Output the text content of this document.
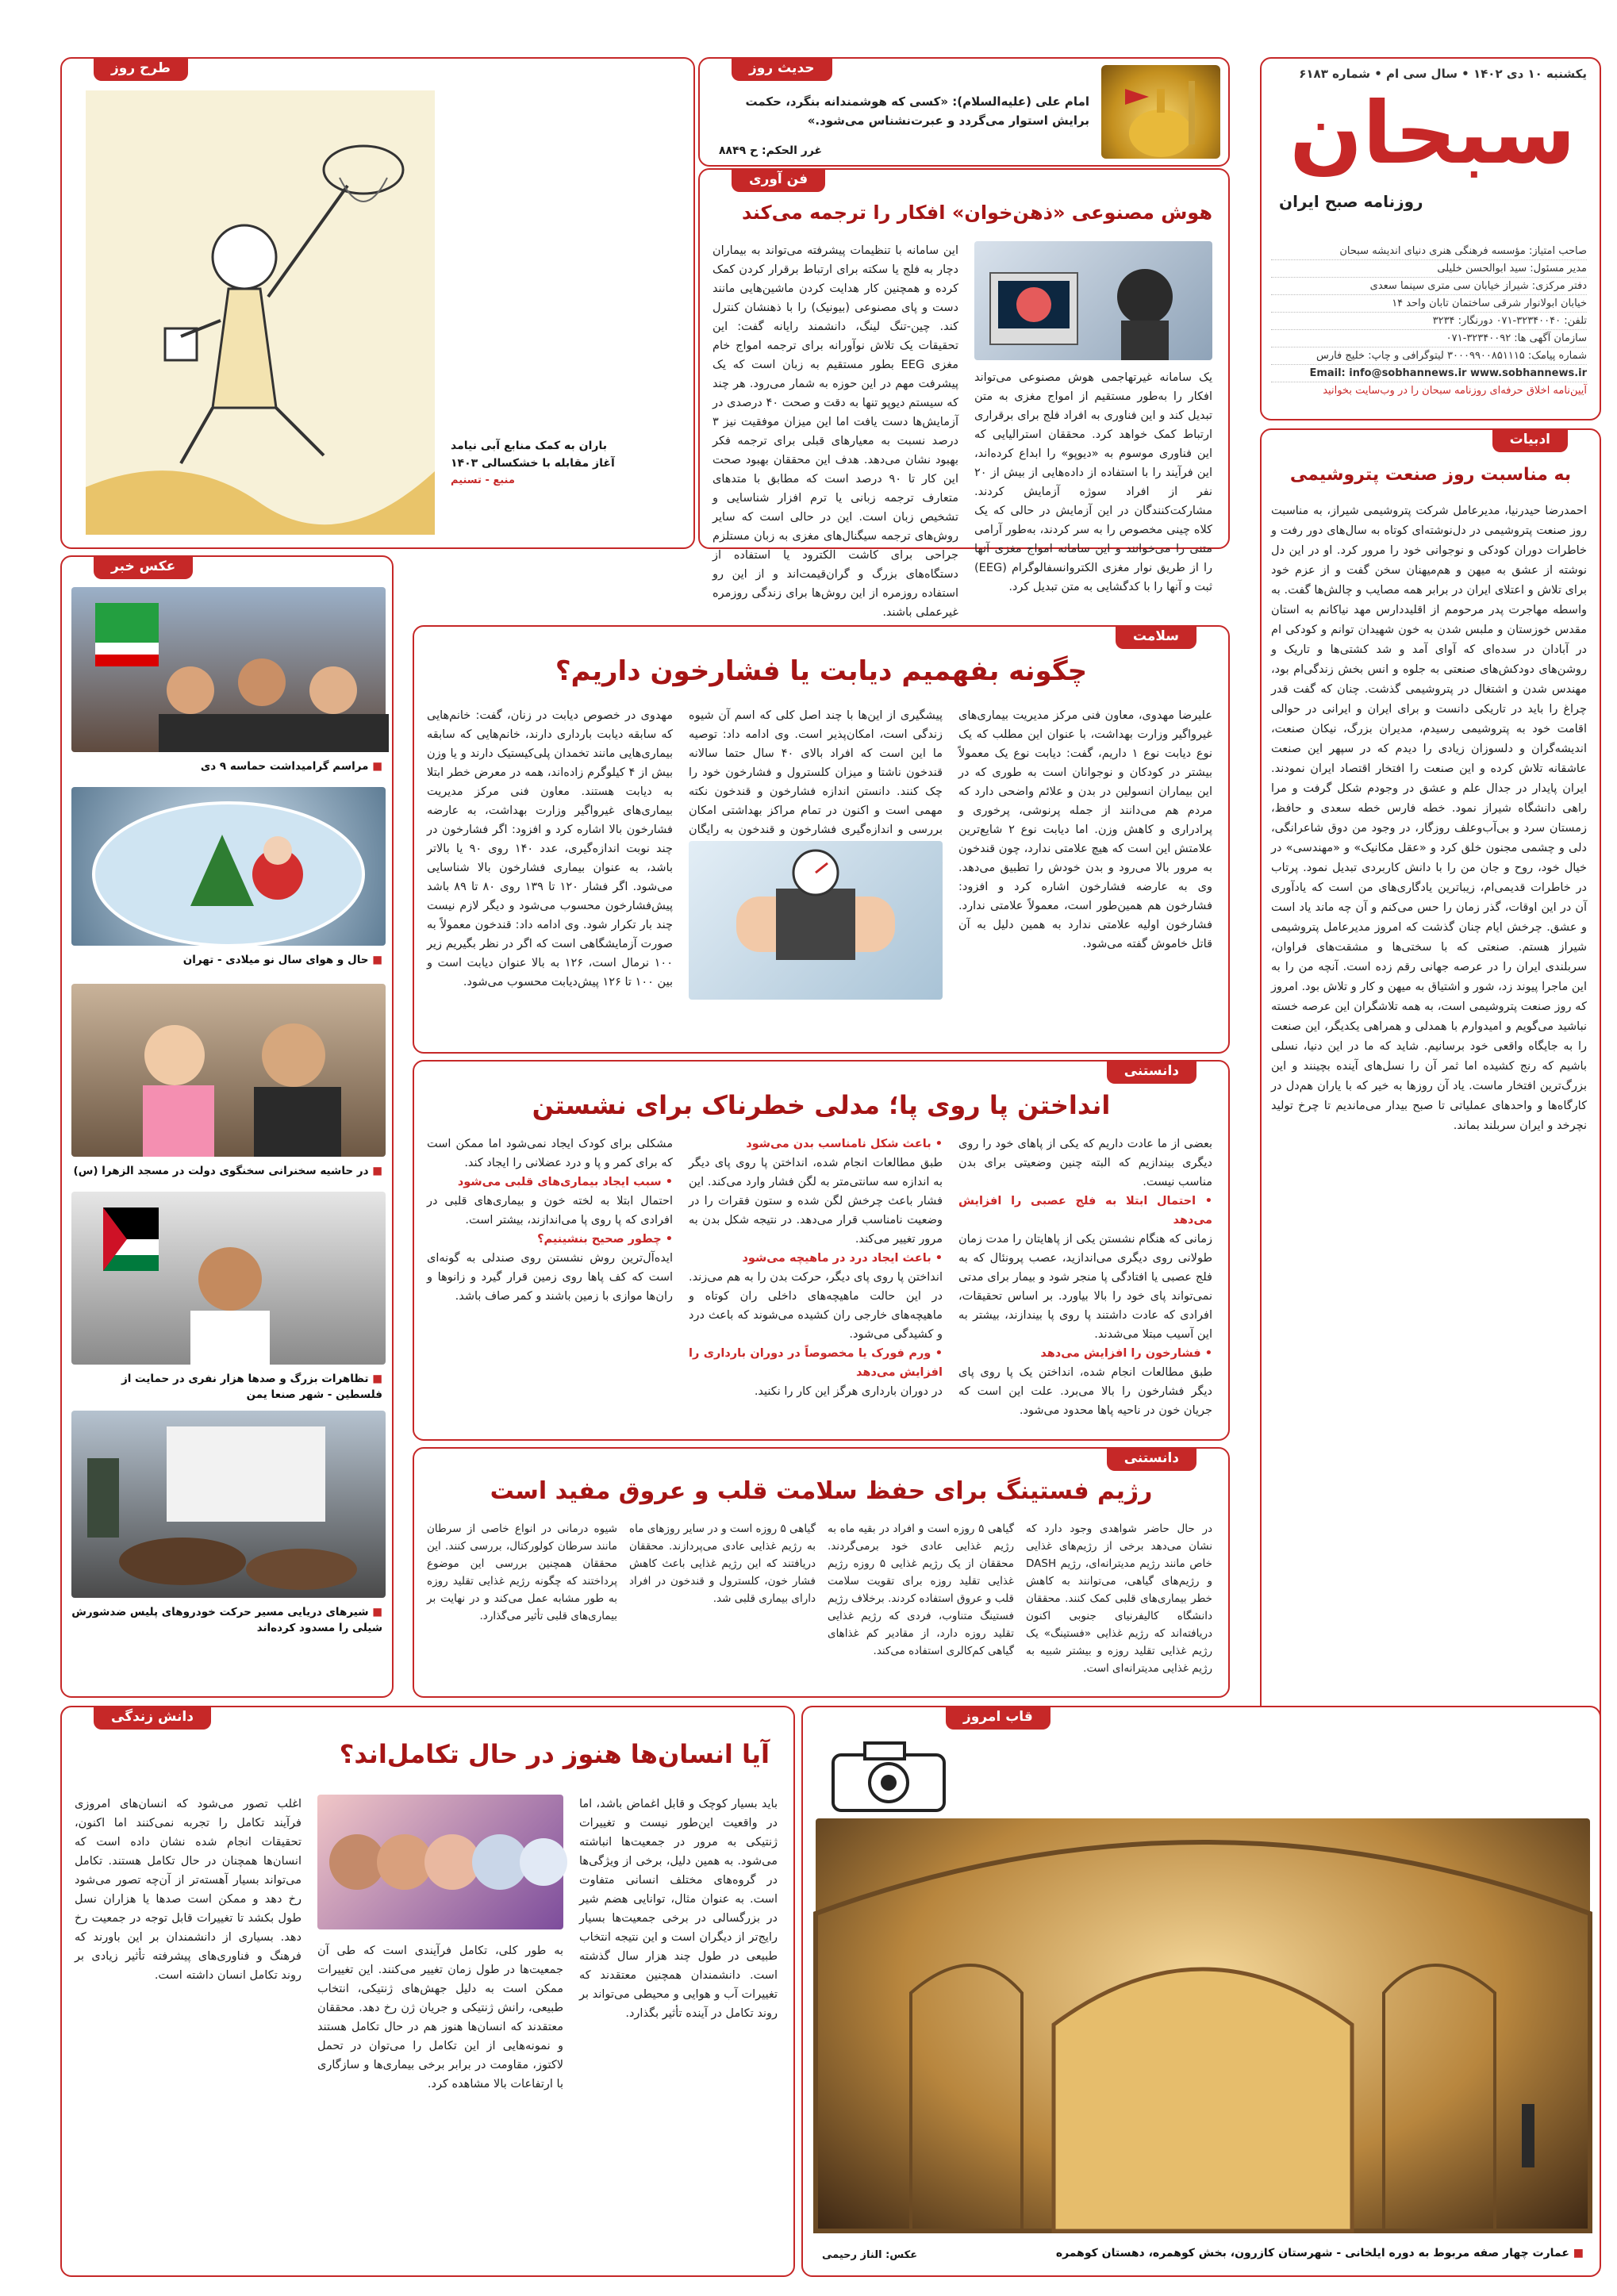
یکشنبه ۱۰ دی ۱۴۰۲ • سال سی ام • شماره ۶۱۸۳
سبحان
روزنامه صبح ایران
صاحب امتیاز: مؤسسه فرهنگی هنری دنیای اندیشه سبحان
مدیر مسئول: سید ابوالحسن خلیلی
دفتر مرکزی: شیراز خیابان سی متری سینما سعدی
خیابان ابولانوار شرقی ساختمان تابان واحد ۱۴
تلفن: ۳۲۳۴۰۰۴۰-۰۷۱ دورنگار: ۳۲۳۴
سازمان آگهی ها: ۳۲۳۴۰۰۹۲-۰۷۱
شماره پیامک: ۳۰۰۰۹۹۰۰۸۵۱۱۱۵ لیتوگرافی و چاپ: خلیج فارس
Email: info@sobhannews.ir www.sobhannews.ir
آیین‌نامه اخلاق حرفه‌ای روزنامه سبحان را در وب‌سایت بخوانید
حدیث روز
امام علی (علیه‌السلام): «کسی که هوشمندانه بنگرد، حکمت برایش استوار می‌گردد و عبرت‌نشناس می‌شود.»
غرر الحکم: ح ۸۸۴۹
طرح روز
باران به کمک منابع آبی نیامد
آغاز مقابله با خشکسالی ۱۴۰۳
منبع - تسنیم
فن آوری
هوش مصنوعی «ذهن‌خوان» افکار را ترجمه می‌کند
یک سامانه غیرتهاجمی هوش مصنوعی می‌تواند افکار را به‌طور مستقیم از امواج مغزی به متن تبدیل کند و این فناوری به افراد فلج برای برقراری ارتباط کمک خواهد کرد. محققان استرالیایی که این فناوری موسوم به «دیوپو» را ابداع کرده‌اند، این فرآیند را با استفاده از داده‌هایی از بیش از ۲۰ نفر از افراد سوژه آزمایش کردند. مشارکت‌کنندگان در این آزمایش در حالی که یک کلاه چینی مخصوص را به سر کردند، به‌طور آرامی متنی را می‌خوانند و این سامانه امواج مغزی آنها را از طریق نوار مغزی الکتروانسفالوگرام (EEG) ثبت و آنها را با کدگشایی به متن تبدیل کرد.
این سامانه با تنظیمات پیشرفته می‌تواند به بیماران دچار به فلج یا سکته برای ارتباط برقرار کردن کمک کرده و همچنین کار هدایت کردن ماشین‌هایی مانند دست و پای مصنوعی (بیونیک) را با ذهنشان کنترل کند. چین-تنگ لینگ، دانشمند رایانه گفت: این تحقیقات یک تلاش نوآورانه برای ترجمه امواج خام مغزی EEG بطور مستقیم به زبان است که یک پیشرفت مهم در این حوزه به شمار می‌رود. هر چند که سیستم دیوپو تنها به دقت و صحت ۴۰ درصدی در آزمایش‌ها دست یافت اما این میزان موفقیت نیز ۳ درصد نسبت به معیارهای قبلی برای ترجمه فکر بهبود نشان می‌دهد. هدف این محققان بهبود صحت این کار تا ۹۰ درصد است که مطابق با متدهای متعارف ترجمه زبانی یا ترم افزار شناسایی و تشخیص زبان است. این در حالی است که سایر روش‌های ترجمه سیگنال‌های مغزی به زبان مستلزم جراحی برای کاشت الکترود یا استفاده از دستگاه‌های بزرگ و گران‌قیمت‌اند و از این رو استفاده روزمره از این روش‌ها برای زندگی روزمره غیرعملی باشند.
ادبیات
به مناسبت روز صنعت پتروشیمی
احمدرضا حیدرنیا، مدیرعامل شرکت پتروشیمی شیراز، به مناسبت روز صنعت پتروشیمی در دل‌نوشته‌ای کوتاه به سال‌های دور رفت و خاطرات دوران کودکی و نوجوانی خود را مرور کرد. او در این دل نوشته از عشق به میهن و هم‌میهنان سخن گفت و از عزم خود برای تلاش و اعتلای ایران در برابر همه مصایب و چالش‌ها گفت. به واسطه مهاجرت پدر مرحومم از اقلیددارس مهد نیاکانم به استان مقدس خوزستان و ملبس شدن به خون شهیدان توانم و کودکی ام در آبادان در سده‌ای که آوای آمد و شد کشتی‌ها و تاریک و روشن‌های دودکش‌های صنعتی به جلوه و انس بخش زندگی‌ام بود، مهندس شدن و اشتغال در پتروشیمی گذشت. چنان که گفت قدر چراغ را باید در تاریکی دانست و برای ایران و ایرانی در حوالی اقامت خود به پتروشیمی رسیدم، مدیران بزرگ، نیکان صنعت، اندیشه‌گران و دلسوزان زیادی را دیدم که در سپهر این صنعت عاشقانه تلاش کرده و این صنعت را افتخار اقتصاد ایران نمودند. ایران پایدار در جدال علم و عشق در وجودم شکل گرفت و مرا راهی دانشگاه شیراز نمود. خطه فارس خطه سعدی و حافظ، زمستان سرد و بی‌آب‌وعلف روزگار، در وجود من دوق شاعرانگی، دلی و چشمی مجنون خلق کرد و «عقل مکانیک» و «مهندسی» در خیال خود، روح و جان من را با دانش کاربردی تبدیل نمود. پرتاب در خاطرات قدیمی‌ام، زیباترین یادگاری‌های من است که یادآوری آن در این اوقات، گذر زمان را حس می‌کنم و آن چه ماند یاد است و عشق. چرخش ایام چنان گذشت که امروز مدیرعامل پتروشیمی شیراز هستم. صنعتی که با سختی‌ها و مشقت‌های فراوان، سربلندی ایران را در عرصه جهانی رقم زده است. آنچه من را به این ماجرا پیوند زد، شور و اشتیاق به میهن و کار و تلاش بود. امروز که روز صنعت پتروشیمی است، به همه تلاشگران این عرصه خسته نباشید می‌گویم و امیدوارم با همدلی و همراهی یکدیگر، این صنعت را به جایگاه واقعی خود برسانیم. شاید که ما در این دنیا، نسلی باشیم که رنج کشیده اما ثمر آن را نسل‌های آینده بچینند و این بزرگ‌ترین افتخار ماست. یاد آن روزها به خیر که با یاران هم‌دل در کارگاه‌ها و واحدهای عملیاتی تا صبح بیدار می‌ماندیم تا چرخ تولید نچرخد و ایران سربلند بماند.
عکس خبر
■ مراسم گرامیداشت حماسه ۹ دی
■ حال و هوای سال نو میلادی - تهران
■ در حاشیه سخنرانی سخنگوی دولت در مسجد الزهرا (س)
■ تظاهرات بزرگ و صدها هزار نفری در حمایت از فلسطین - شهر صنعا یمن
■ شیرهای دریایی مسیر حرکت خودروهای پلیس ضدشورش شیلی را مسدود کرده‌اند
سلامت
چگونه بفهمیم دیابت یا فشارخون داریم؟
علیرضا مهدوی، معاون فنی مرکز مدیریت بیماری‌های غیرواگیر وزارت بهداشت، با عنوان این مطلب که یک نوع دیابت نوع ۱ داریم، گفت: دیابت نوع یک معمولاً بیشتر در کودکان و نوجوانان است به طوری که در این بیماران انسولین در بدن و علائم واضحی دارد که مردم هم می‌دانند از جمله پرنوشی، پرخوری و پرادراری و کاهش وزن. اما دیابت نوع ۲ شایع‌ترین علامتش این است که هیچ علامتی ندارد، چون قندخون به مرور بالا می‌رود و بدن خودش را تطبیق می‌دهد. وی به عارضه فشارخون اشاره کرد و افزود: فشارخون هم همین‌طور است، معمولاً علامتی ندارد. فشارخون اولیه علامتی ندارد به همین دلیل به آن قاتل خاموش گفته می‌شود.
پیشگیری از این‌ها با چند اصل کلی که اسم آن شیوه زندگی است، امکان‌پذیر است. وی ادامه داد: توصیه ما این است که افراد بالای ۴۰ سال حتما سالانه قندخون ناشتا و میزان کلسترول و فشارخون خود را چک کنند. دانستن اندازه فشارخون و قندخون نکته مهمی است و اکنون در تمام مراکز بهداشتی امکان بررسی و اندازه‌گیری فشارخون و قندخون به رایگان
مهدوی در خصوص دیابت در زنان، گفت: خانم‌هایی که سابقه دیابت بارداری دارند، خانم‌هایی که سابقه بیماری‌هایی مانند تخمدان پلی‌کیستیک دارند و یا وزن بیش از ۴ کیلوگرم زاده‌اند، همه در معرض خطر ابتلا به دیابت هستند. معاون فنی مرکز مدیریت بیماری‌های غیرواگیر وزارت بهداشت، به عارضه فشارخون بالا اشاره کرد و افزود: اگر فشارخون در چند نوبت اندازه‌گیری، عدد ۱۴۰ روی ۹۰ یا بالاتر باشد، به عنوان بیماری فشارخون بالا شناسایی می‌شود. اگر فشار ۱۲۰ تا ۱۳۹ روی ۸۰ تا ۸۹ باشد پیش‌فشارخون محسوب می‌شود و دیگر لازم نیست چند بار تکرار شود. وی ادامه داد: قندخون معمولاً به صورت آزمایشگاهی است که اگر در نظر بگیریم زیر ۱۰۰ نرمال است، ۱۲۶ به بالا عنوان دیابت است و بین ۱۰۰ تا ۱۲۶ پیش‌دیابت محسوب می‌شود.
دانستنی
انداختن پا روی پا؛ مدلی خطرناک برای نشستن
بعضی از ما عادت داریم که یکی از پاهای خود را روی دیگری بیندازیم که البته چنین وضعیتی برای بدن مناسب نیست.
• احتمال ابتلا به فلج عصبی را افزایش می‌دهد
زمانی که هنگام نشستن یکی از پاهایتان را مدت زمان طولانی روی دیگری می‌اندازید، عصب پرونئال که به فلج عصبی یا افتادگی پا منجر شود و بیمار برای مدتی نمی‌تواند پای خود را بالا بیاورد. بر اساس تحقیقات، افرادی که عادت داشتند پا روی پا بیندازند، بیشتر به این آسیب مبتلا می‌شدند.
• فشارخون را افزایش می‌دهد
طبق مطالعات انجام شده، انداختن یک پا روی پای دیگر فشارخون را بالا می‌برد. علت این است که جریان خون در ناحیه پاها محدود می‌شود.
• باعث شکل نامناسب بدن می‌شود
طبق مطالعات انجام شده، انداختن پا روی پای دیگر به اندازه سه سانتی‌متر به لگن فشار وارد می‌کند. این فشار باعث چرخش لگن شده و ستون فقرات را در وضعیت نامناسب قرار می‌دهد. در نتیجه شکل بدن به مرور تغییر می‌کند.
• باعث ایجاد درد در ماهیچه می‌شود
انداختن پا روی پای دیگر، حرکت بدن را به هم می‌زند. در این حالت ماهیچه‌های داخلی ران کوتاه و ماهیچه‌های خارجی ران کشیده می‌شوند که باعث درد و کشیدگی می‌شود.
• ورم فورک یا مخصوصاً در دوران بارداری را افزایش می‌دهد
در دوران بارداری هرگز این کار را نکنید.
مشکلی برای کودک ایجاد نمی‌شود اما ممکن است که برای کمر و پا و درد عضلانی را ایجاد کند.
• سبب ایجاد بیماری‌های قلبی می‌شود
احتمال ابتلا به لخته خون و بیماری‌های قلبی در افرادی که پا روی پا می‌اندازند، بیشتر است.
• چطور صحیح بنشینیم؟
ایده‌آل‌ترین روش نشستن روی صندلی به گونه‌ای است که کف پاها روی زمین قرار گیرد و زانوها و ران‌ها موازی با زمین باشند و کمر صاف باشد.
دانستنی
رژیم فستینگ برای حفظ سلامت قلب و عروق مفید است
در حال حاضر شواهدی وجود دارد که نشان می‌دهد برخی از رژیم‌های غذایی خاص مانند رژیم مدیترانه‌ای، رژیم DASH و رژیم‌های گیاهی، می‌توانند به کاهش خطر بیماری‌های قلبی کمک کنند. محققان دانشگاه کالیفرنیای جنوبی اکنون دریافته‌اند که رژیم غذایی «فستینگ» یک رژیم غذایی تقلید روزه و بیشتر شبیه به رژیم غذایی مدیترانه‌ای است.
گیاهی ۵ روزه است و افراد در بقیه ماه به رژیم غذایی عادی خود برمی‌گردند. محققان از یک رژیم غذایی ۵ روزه رژیم غذایی تقلید روزه برای تقویت سلامت قلب و عروق استفاده کردند. برخلاف رژیم فستینگ متناوب، فردی که رژیم غذایی تقلید روزه دارد، از مقادیر کم غذاهای گیاهی کم‌کالری استفاده می‌کند.
گیاهی ۵ روزه است و در سایر روزهای ماه به رژیم غذایی عادی می‌پردازند. محققان دریافتند که این رژیم غذایی باعث کاهش فشار خون، کلسترول و قندخون در افراد دارای بیماری قلبی شد.
شیوه درمانی در انواع خاصی از سرطان مانند سرطان کولورکتال، بررسی کنند. این محققان همچنین بررسی این موضوع پرداختند که چگونه رژیم غذایی تقلید روزه به طور مشابه عمل می‌کند و در نهایت بر بیماری‌های قلبی تأثیر می‌گذارد.
قاب امروز
■ عمارت چهار صفه مربوط به دوره ایلخانی - شهرستان کازرون، بخش کوهمره، دهستان کوهمره
عکس: الناز رحیمی
دانش زندگی
آیا انسان‌ها هنوز در حال تکامل‌اند؟
باید بسیار کوچک و قابل اغماض باشد، اما در واقعیت این‌طور نیست و تغییرات ژنتیکی به مرور در جمعیت‌ها انباشته می‌شود. به همین دلیل، برخی از ویژگی‌ها در گروه‌های مختلف انسانی متفاوت است. به عنوان مثال، توانایی هضم شیر در بزرگسالی در برخی جمعیت‌ها بسیار رایج‌تر از دیگران است و این نتیجه انتخاب طبیعی در طول چند هزار سال گذشته است. دانشمندان همچنین معتقدند که تغییرات آب و هوایی و محیطی می‌تواند بر روند تکامل در آینده تأثیر بگذارد.
به طور کلی، تکامل فرآیندی است که طی آن جمعیت‌ها در طول زمان تغییر می‌کنند. این تغییرات ممکن است به دلیل جهش‌های ژنتیکی، انتخاب طبیعی، رانش ژنتیکی و جریان ژن رخ دهد. محققان معتقدند که انسان‌ها هنوز هم در حال تکامل هستند و نمونه‌هایی از این تکامل را می‌توان در تحمل لاکتوز، مقاومت در برابر برخی بیماری‌ها و سازگاری با ارتفاعات بالا مشاهده کرد.
اغلب تصور می‌شود که انسان‌های امروزی فرآیند تکامل را تجربه نمی‌کنند اما اکنون، تحقیقات انجام شده نشان داده است که انسان‌ها همچنان در حال تکامل هستند. تکامل می‌تواند بسیار آهسته‌تر از آن‌چه تصور می‌شود رخ دهد و ممکن است صدها یا هزاران نسل طول بکشد تا تغییرات قابل توجه در جمعیت رخ دهد. بسیاری از دانشمندان بر این باورند که فرهنگ و فناوری‌های پیشرفته تأثیر زیادی بر روند تکامل انسان داشته است.
